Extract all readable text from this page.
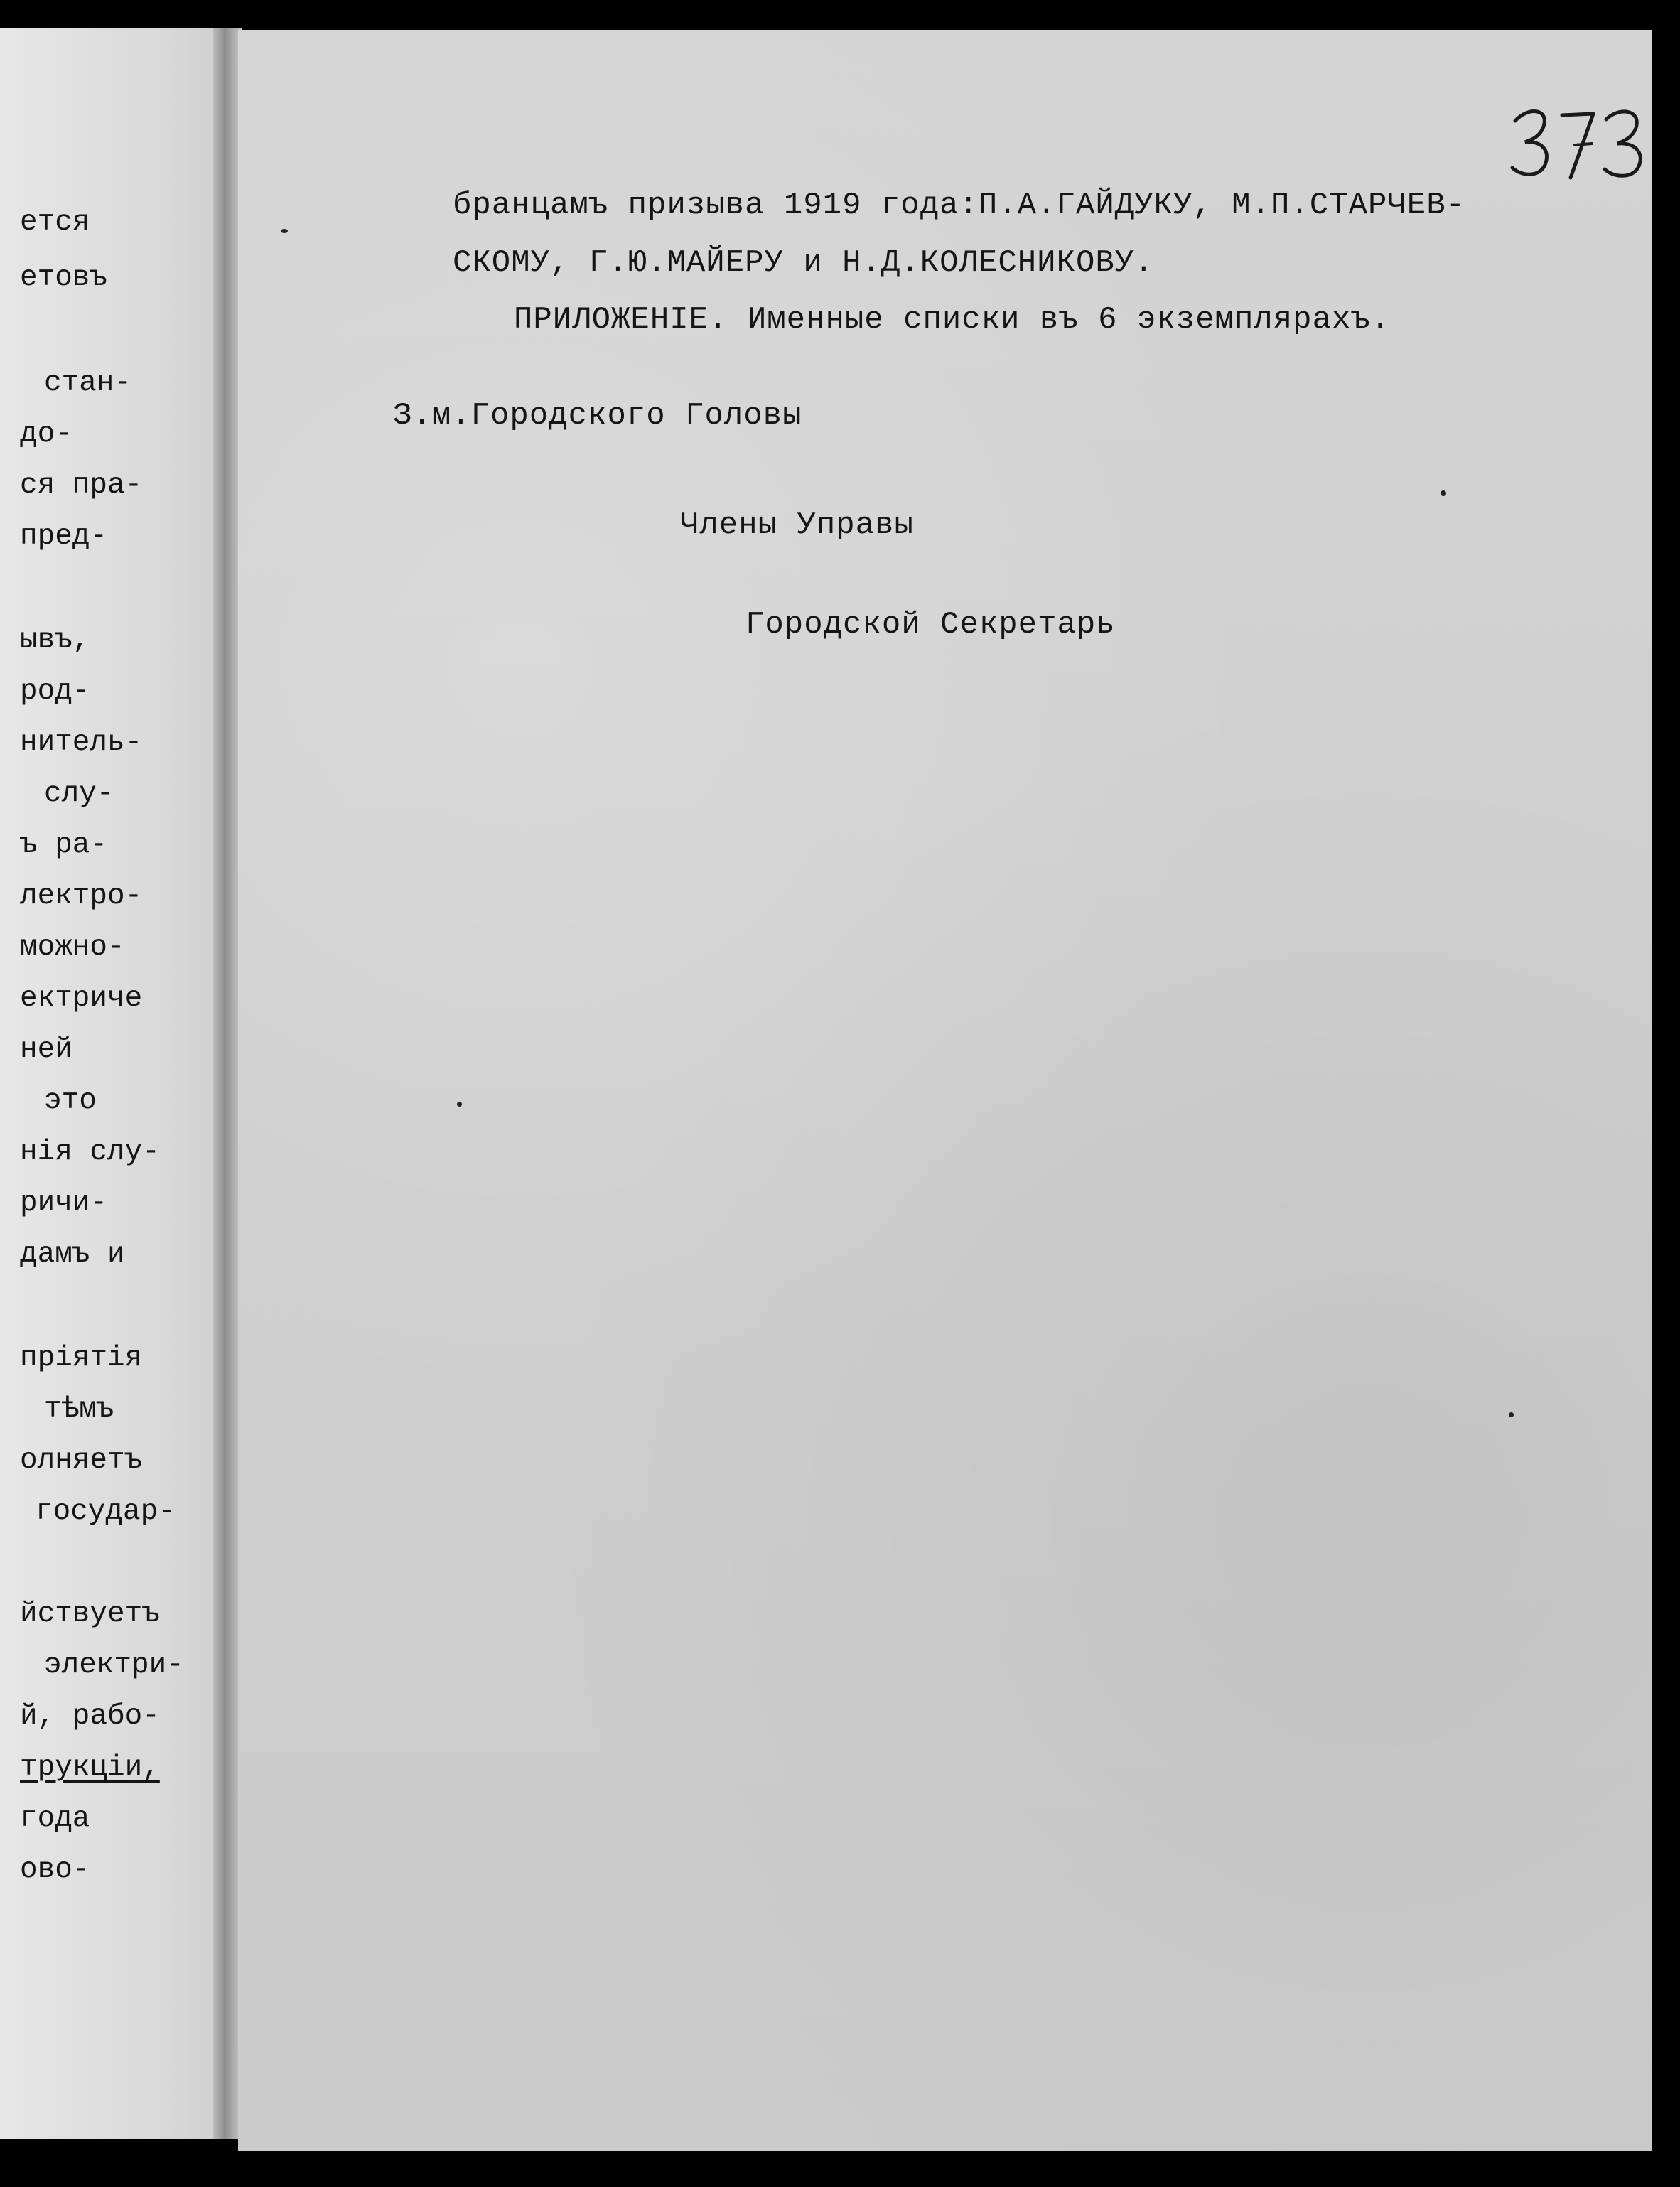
ется
етовъ
стан-
до-
ся пра-
пред-
ывъ,
род-
нитель-
слу-
ъ ра-
лектро-
можно-
ектриче
ней
это
нія слу-
ричи-
дамъ и
пріятія
тѣмъ
олняетъ
государ-
йствуетъ
электри-
й, рабо-
трукціи,
года
ово-
бранцамъ призыва 1919 года:П.А.ГАЙДУКУ, М.П.СТАРЧЕВ-
СКОМУ, Г.Ю.МАЙЕРУ и Н.Д.КОЛЕСНИКОВУ.
ПРИЛОЖЕНІЕ. Именные списки въ 6 экземплярахъ.
З.м.Городского Головы
Члены Управы
Городской Секретарь
